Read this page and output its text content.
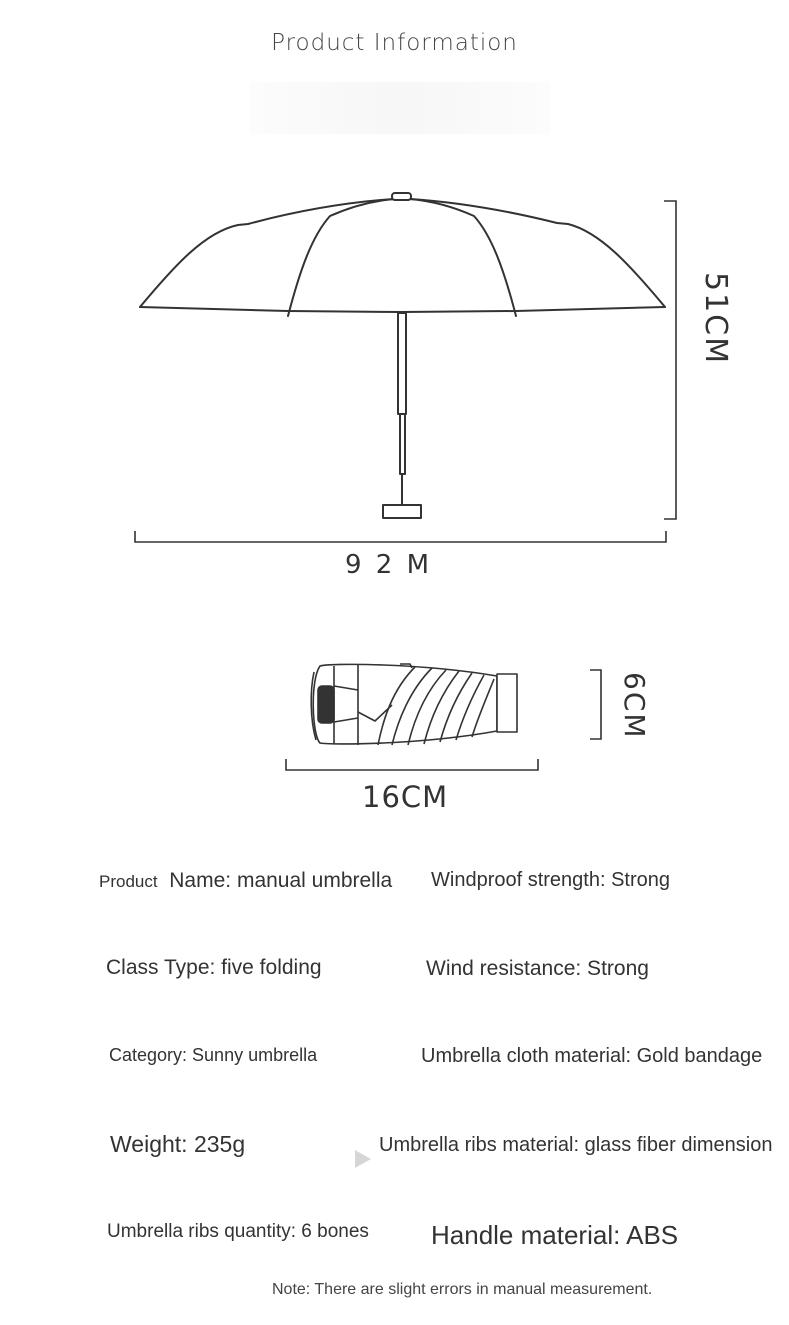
Product Information
51CM
9 2 M
6CM
16CM
Product Name: manual umbrella Windproof strength: Strong
Class Type: five folding	Wind resistance: Strong
Category: Sunny umbrella	Umbrella cloth material: Gold bandage
Weight: 235g	Umbrella ribs material: glass fiber dimension
Umbrella ribs quantity: 6 bones Handle material: ABS
Note: There are slight errors in manual measurement.
